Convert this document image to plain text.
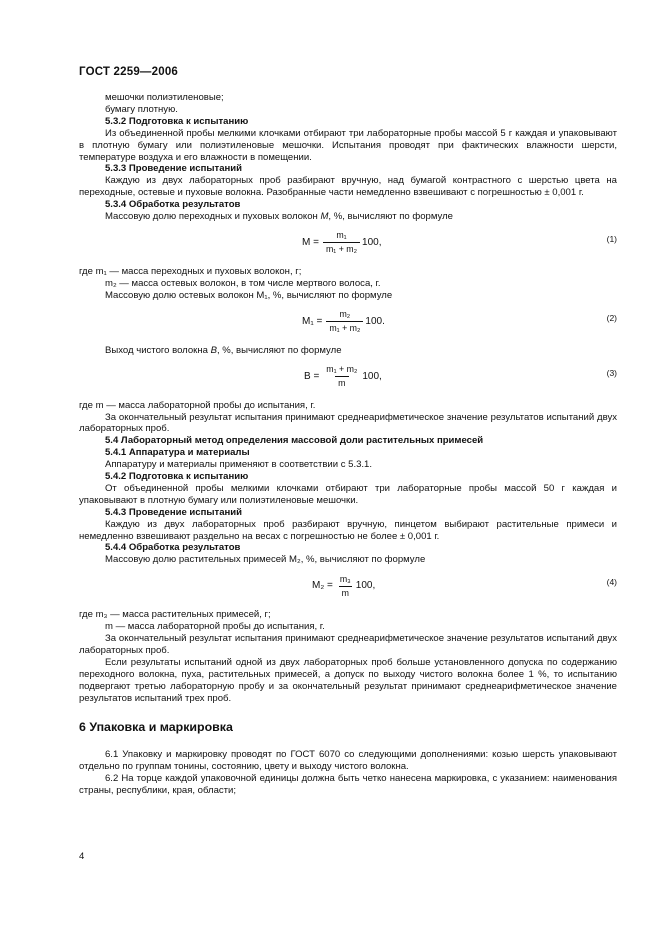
ГОСТ 2259—2006

мешочки полиэтиленовые;

бумагу плотную.

5.3.2 Подготовка к испытанию

Из объединенной пробы мелкими клочками отбирают три лабораторные пробы массой 5 г каждая и упаковывают в плотную бумагу или полиэтиленовые мешочки. Испытания проводят при фактических влажности шерсти, температуре воздуха и его влажности в помещении.

5.3.3 Проведение испытаний

Каждую из двух лабораторных проб разбирают вручную, над бумагой контрастного с шерстью цвета на переходные, остевые и пуховые волокна. Разобранные части немедленно взвешивают с погрешностью ± 0,001 г.

5.3.4 Обработка результатов

Массовую долю переходных и пуховых волокон M, %, вычисляют по формуле

$M = \frac{\text{m₁}}{\text{m₁ + m₂}} 100$,	(1)

где m₁ — масса переходных и пуховых волокон, г;

m₂ — масса остевых волокон, в том числе мертвого волоса, г.

Массовую долю остевых волокон M₁, %, вычисляют по формуле

$M_1 = \frac{\text{m₂}}{\text{m₁ + m₂}} 100$.	(2)

Выход чистого волокна B, %, вычисляют по формуле

$B = \frac{\text{m₁ + m₂}}{m} 100$,	(3)

где m — масса лабораторной пробы до испытания, г.

За окончательный результат испытания принимают среднеарифметическое значение результатов испытаний двух лабораторных проб.

5.4 Лабораторный метод определения массовой доли растительных примесей

5.4.1 Аппаратура и материалы

Аппаратуру и материалы применяют в соответствии с 5.3.1.

5.4.2 Подготовка к испытанию

От объединенной пробы мелкими клочками отбирают три лабораторные пробы массой 50 г каждая и упаковывают в плотную бумагу или полиэтиленовые мешочки.

5.4.3 Проведение испытаний

Каждую из двух лабораторных проб разбирают вручную, пинцетом выбирают растительные примеси и немедленно взвешивают раздельно на весах с погрешностью не более ± 0,001 г.

5.4.4 Обработка результатов

Массовую долю растительных примесей M₂, %, вычисляют по формуле

$M_2 = \frac{\text{m₃}}{m} 100$,	(4)

где m₃ — масса растительных примесей, г;

m — масса лабораторной пробы до испытания, г.

За окончательный результат испытания принимают среднеарифметическое значение результатов испытаний двух лабораторных проб.

Если результаты испытаний одной из двух лабораторных проб больше установленного допуска по содержанию переходного волокна, пуха, растительных примесей, а допуск по выходу чистого волокна более 1 %, то испытанию подвергают третью лабораторную пробу и за окончательный результат принимают среднеарифметическое значение результатов испытаний трех проб.

6 Упаковка и маркировка

6.1 Упаковку и маркировку проводят по ГОСТ 6070 со следующими дополнениями: козью шерсть упаковывают отдельно по группам тонины, состоянию, цвету и выходу чистого волокна.

6.2 На торце каждой упаковочной единицы должна быть четко нанесена маркировка, с указанием: наименования страны, республики, края, области;

4
